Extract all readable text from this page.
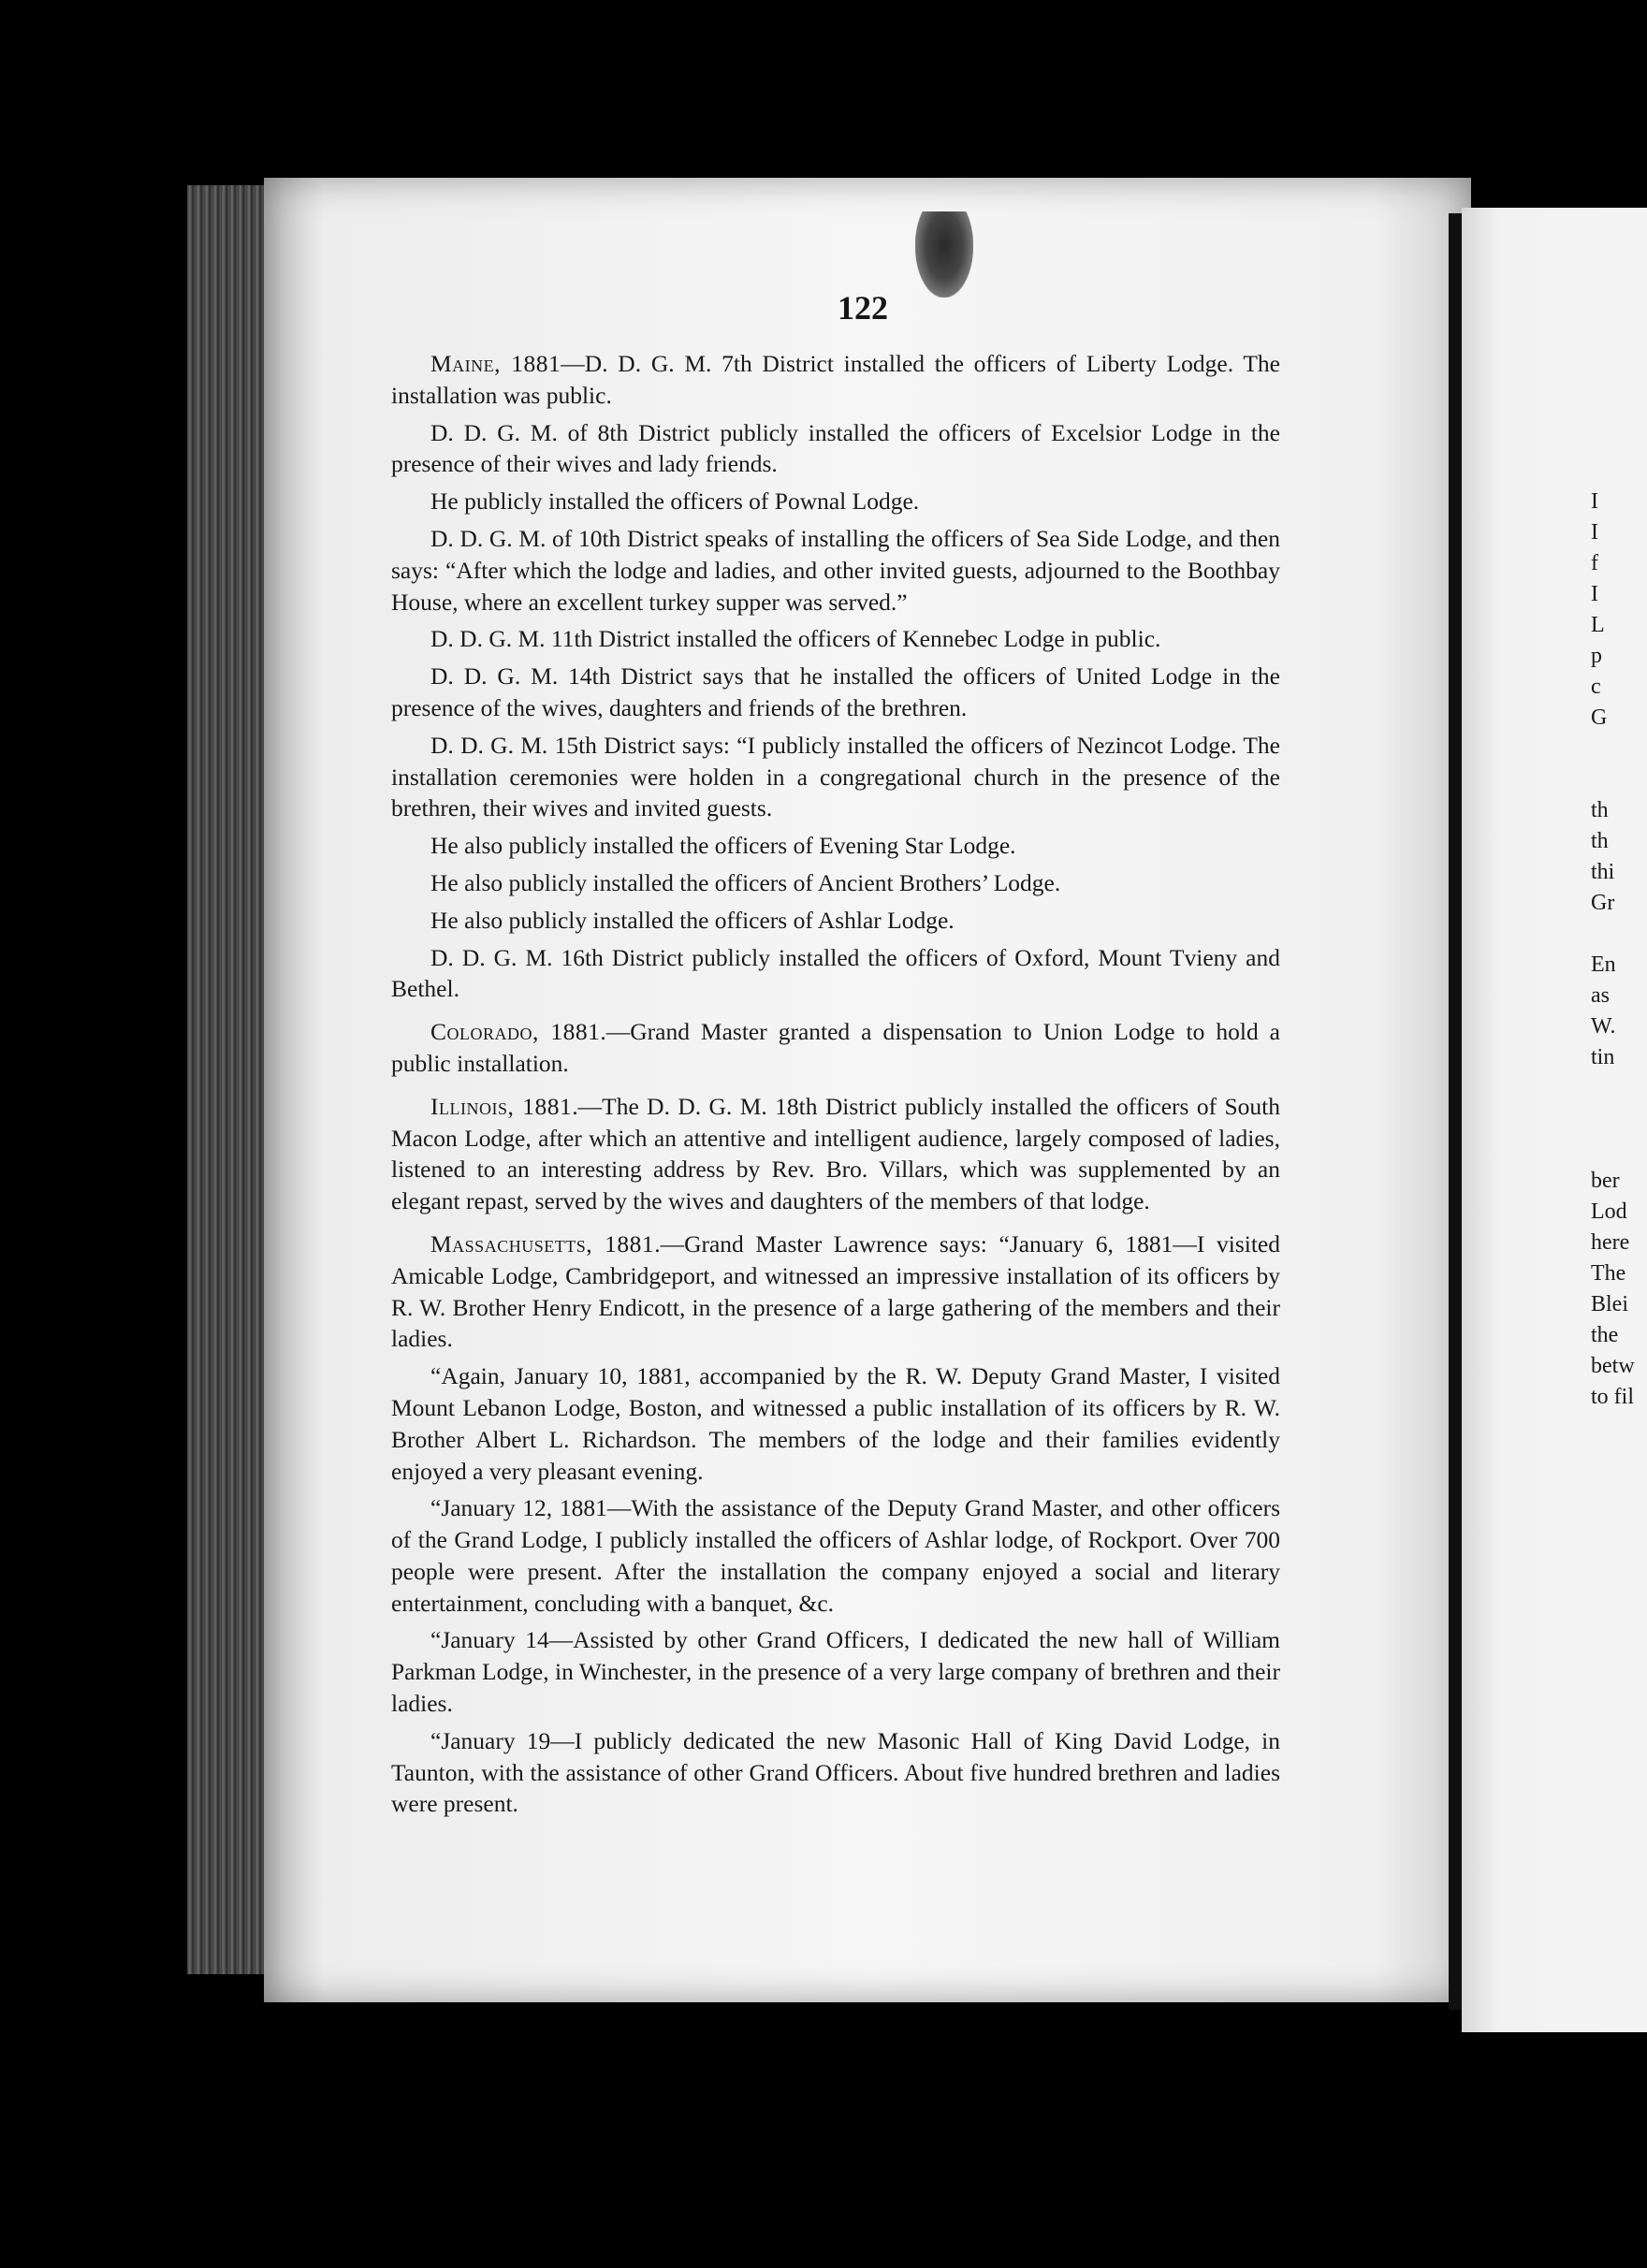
122

Maine, 1881—D. D. G. M. 7th District installed the officers of Liberty Lodge. The installation was public.

D. D. G. M. of 8th District publicly installed the officers of Excelsior Lodge in the presence of their wives and lady friends.

He publicly installed the officers of Pownal Lodge.

D. D. G. M. of 10th District speaks of installing the officers of Sea Side Lodge, and then says: “After which the lodge and ladies, and other invited guests, adjourned to the Boothbay House, where an excellent turkey supper was served.”

D. D. G. M. 11th District installed the officers of Kennebec Lodge in public.

D. D. G. M. 14th District says that he installed the officers of United Lodge in the presence of the wives, daughters and friends of the brethren.

D. D. G. M. 15th District says: “I publicly installed the officers of Nezincot Lodge. The installation ceremonies were holden in a congregational church in the presence of the brethren, their wives and invited guests.

He also publicly installed the officers of Evening Star Lodge.

He also publicly installed the officers of Ancient Brothers’ Lodge.

He also publicly installed the officers of Ashlar Lodge.

D. D. G. M. 16th District publicly installed the officers of Oxford, Mount Tvieny and Bethel.

Colorado, 1881.—Grand Master granted a dispensation to Union Lodge to hold a public installation.

Illinois, 1881.—The D. D. G. M. 18th District publicly installed the officers of South Macon Lodge, after which an attentive and intelligent audience, largely composed of ladies, listened to an interesting address by Rev. Bro. Villars, which was supplemented by an elegant repast, served by the wives and daughters of the members of that lodge.

Massachusetts, 1881.—Grand Master Lawrence says: “January 6, 1881—I visited Amicable Lodge, Cambridgeport, and witnessed an impressive installation of its officers by R. W. Brother Henry Endicott, in the presence of a large gathering of the members and their ladies.

“Again, January 10, 1881, accompanied by the R. W. Deputy Grand Master, I visited Mount Lebanon Lodge, Boston, and witnessed a public installation of its officers by R. W. Brother Albert L. Richardson. The members of the lodge and their families evidently enjoyed a very pleasant evening.

“January 12, 1881—With the assistance of the Deputy Grand Master, and other officers of the Grand Lodge, I publicly installed the officers of Ashlar lodge, of Rockport. Over 700 people were present. After the installation the company enjoyed a social and literary entertainment, concluding with a banquet, &c.

“January 14—Assisted by other Grand Officers, I dedicated the new hall of William Parkman Lodge, in Winchester, in the presence of a very large company of brethren and their ladies.

“January 19—I publicly dedicated the new Masonic Hall of King David Lodge, in Taunton, with the assistance of other Grand Officers. About five hundred brethren and ladies were present.

I
I
f
I
L
p
c
G
th
th
thi
Gr
En
as
W.
tin
ber
Lod
here
The
Blei
the
betw
to fil
